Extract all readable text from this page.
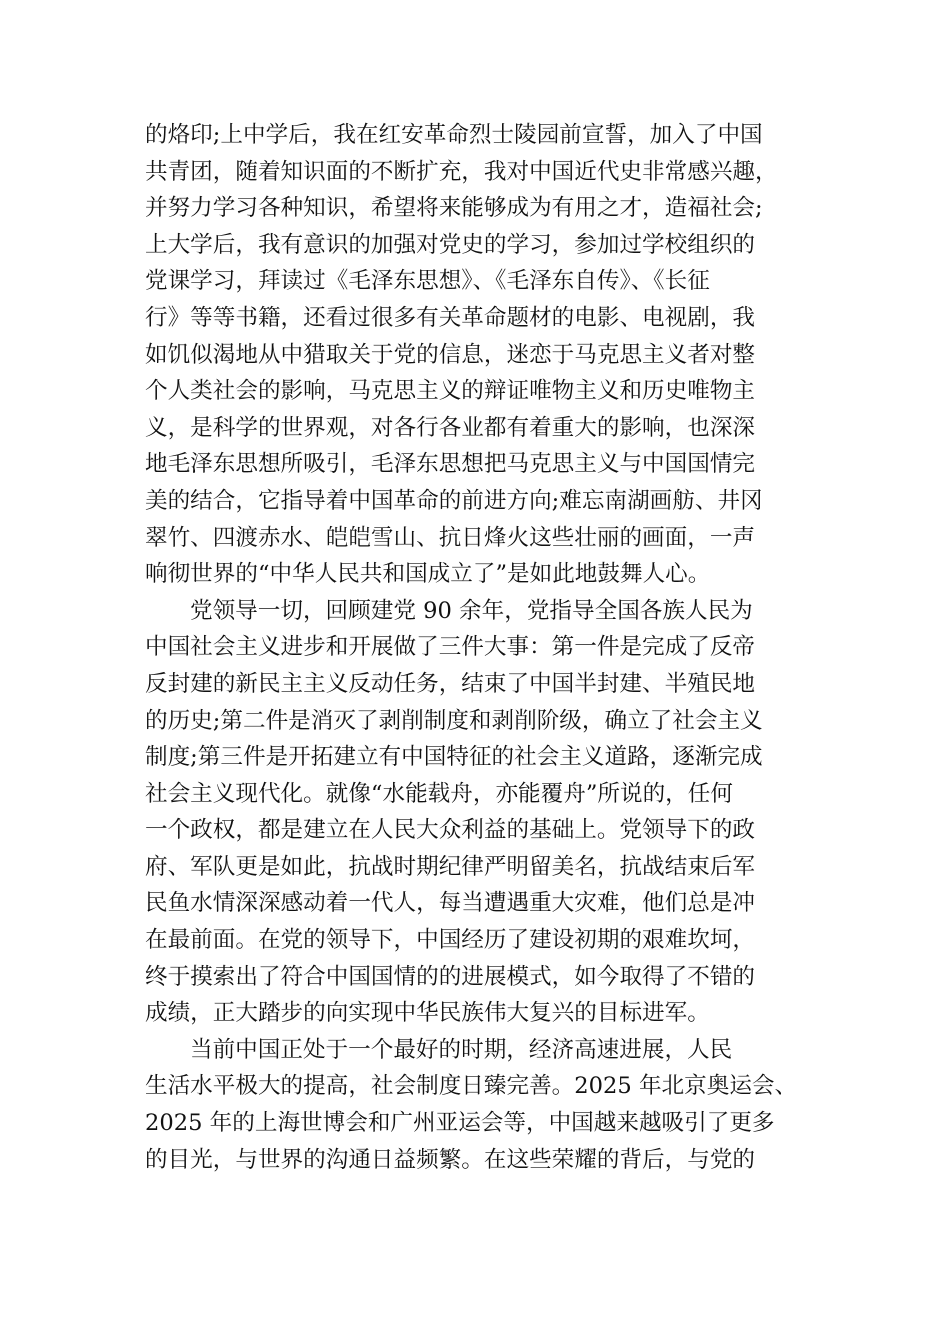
的烙印;上中学后，我在红安革命烈士陵园前宣誓，加入了中国
共青团，随着知识面的不断扩充，我对中国近代史非常感兴趣，
并努力学习各种知识，希望将来能够成为有用之才，造福社会;
上大学后，我有意识的加强对党史的学习，参加过学校组织的
党课学习，拜读过《毛泽东思想》、《毛泽东自传》、《长征
行》等等书籍，还看过很多有关革命题材的电影、电视剧，我
如饥似渴地从中猎取关于党的信息，迷恋于马克思主义者对整
个人类社会的影响，马克思主义的辩证唯物主义和历史唯物主
义，是科学的世界观，对各行各业都有着重大的影响，也深深
地毛泽东思想所吸引，毛泽东思想把马克思主义与中国国情完
美的结合，它指导着中国革命的前进方向;难忘南湖画舫、井冈
翠竹、四渡赤水、皑皑雪山、抗日烽火这些壮丽的画面，一声
响彻世界的“中华人民共和国成立了”是如此地鼓舞人心。
党领导一切，回顾建党 90 余年，党指导全国各族人民为
中国社会主义进步和开展做了三件大事：第一件是完成了反帝
反封建的新民主主义反动任务，结束了中国半封建、半殖民地
的历史;第二件是消灭了剥削制度和剥削阶级，确立了社会主义
制度;第三件是开拓建立有中国特征的社会主义道路，逐渐完成
社会主义现代化。就像“水能载舟，亦能覆舟”所说的，任何
一个政权，都是建立在人民大众利益的基础上。党领导下的政
府、军队更是如此，抗战时期纪律严明留美名，抗战结束后军
民鱼水情深深感动着一代人，每当遭遇重大灾难，他们总是冲
在最前面。在党的领导下，中国经历了建设初期的艰难坎坷，
终于摸索出了符合中国国情的的进展模式，如今取得了不错的
成绩，正大踏步的向实现中华民族伟大复兴的目标进军。
当前中国正处于一个最好的时期，经济高速进展，人民
生活水平极大的提高，社会制度日臻完善。2025 年北京奥运会、
2025 年的上海世博会和广州亚运会等，中国越来越吸引了更多
的目光，与世界的沟通日益频繁。在这些荣耀的背后，与党的
